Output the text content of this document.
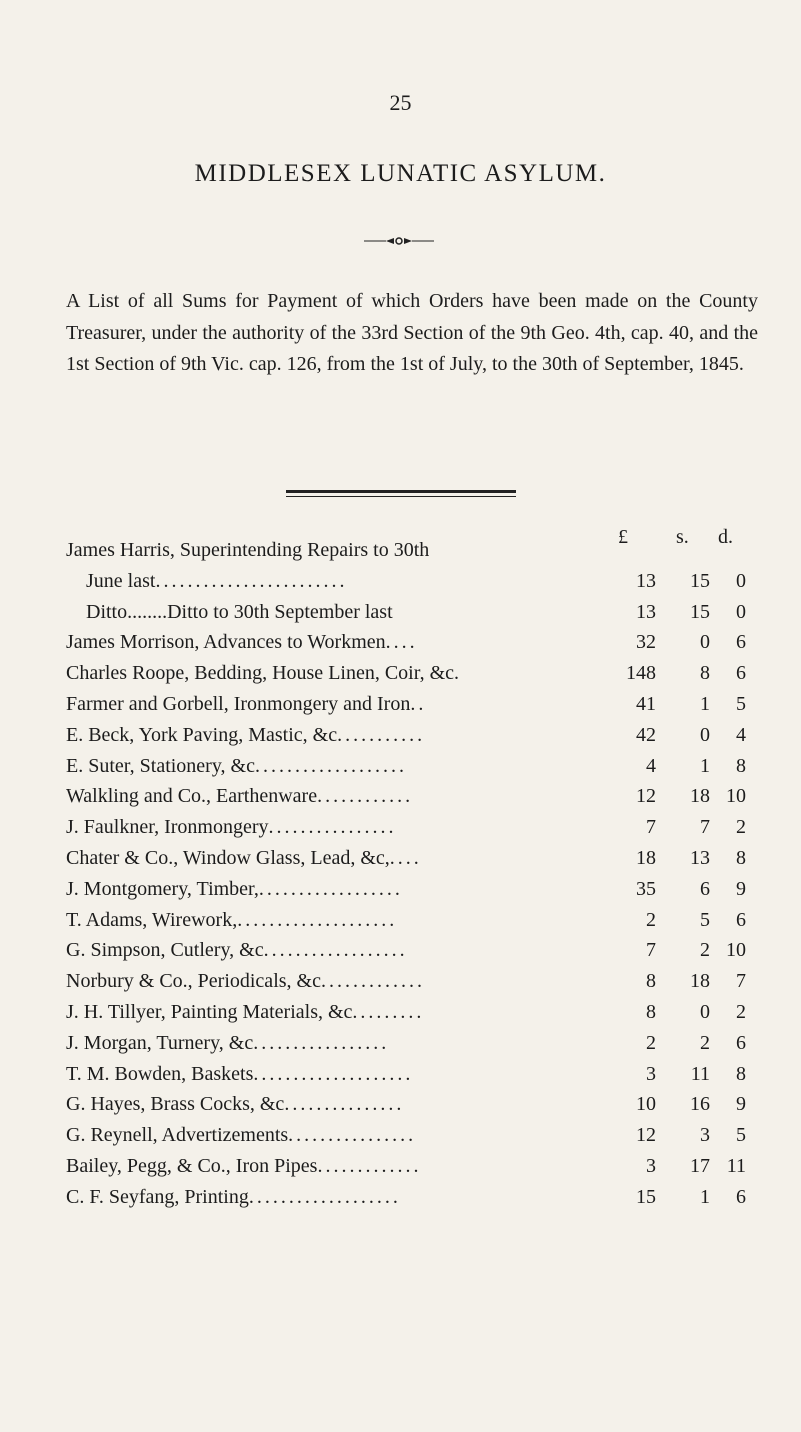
25
MIDDLESEX LUNATIC ASYLUM.
A List of all Sums for Payment of which Orders have been made on the County Treasurer, under the authority of the 33rd Section of the 9th Geo. 4th, cap. 40, and the 1st Section of 9th Vic. cap. 126, from the 1st of July, to the 30th of September, 1845.
£ s. d.
James Harris, Superintending Repairs to 30th
June last........................	13 15 0
Ditto........Ditto to 30th September last	13 15 0
James Morrison, Advances to Workmen....	32 0 6
Charles Roope, Bedding, House Linen, Coir, &c.	148 8 6
Farmer and Gorbell, Ironmongery and Iron..	41 1 5
E. Beck, York Paving, Mastic, &c...........	42 0 4
E. Suter, Stationery, &c...................	4 1 8
Walkling and Co., Earthenware............	12 18 10
J. Faulkner, Ironmongery................	7 7 2
Chater & Co., Window Glass, Lead, &c,....	18 13 8
J. Montgomery, Timber,..................	35 6 9
T. Adams, Wirework,....................	2 5 6
G. Simpson, Cutlery, &c..................	7 2 10
Norbury & Co., Periodicals, &c.............	8 18 7
J. H. Tillyer, Painting Materials, &c.........	8 0 2
J. Morgan, Turnery, &c.................	2 2 6
T. M. Bowden, Baskets....................	3 11 8
G. Hayes, Brass Cocks, &c...............	10 16 9
G. Reynell, Advertizements................	12 3 5
Bailey, Pegg, & Co., Iron Pipes.............	3 17 11
C. F. Seyfang, Printing...................	15 1 6
